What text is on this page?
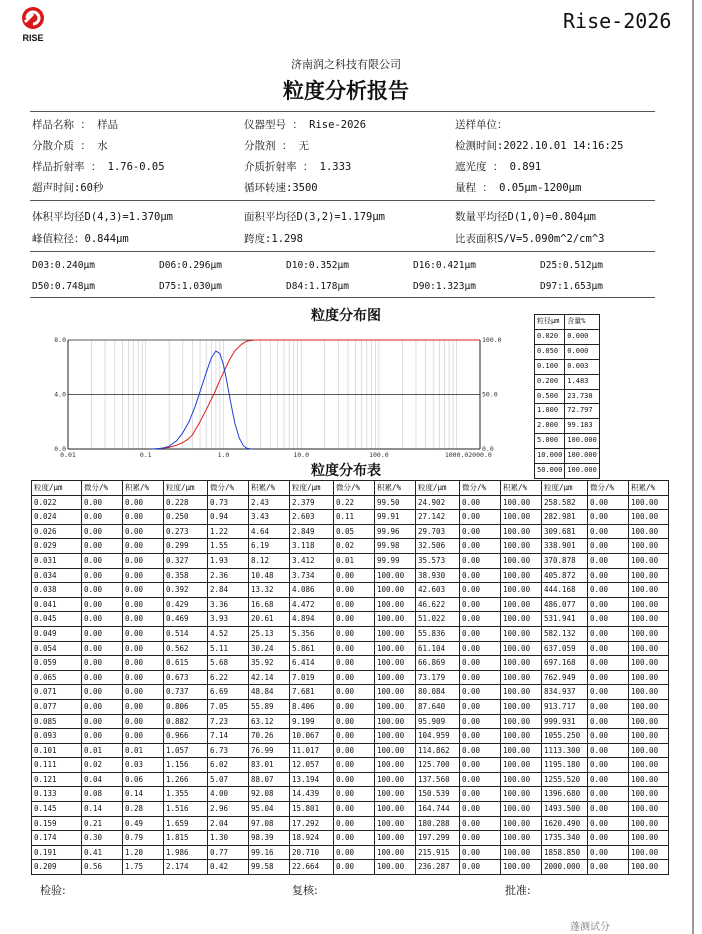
RISE
Rise-2026
济南润之科技有限公司
粒度分析报告
样品名称 ： 样品	仪器型号 ： Rise-2026	送样单位：
分散介质 ： 水	分散剂 ： 无	检测时间:2022.10.01 14:16:25
样品折射率 ： 1.76-0.05	介质折射率 ： 1.333	遮光度 ： 0.891
超声时间:60秒	循环转速:3500	量程 ： 0.05μm-1200μm
体积平均径D(4,3)=1.370μm	面积平均径D(3,2)=1.179μm	数量平均径D(1,0)=0.804μm
峰值粒径：0.844μm	跨度:1.298	比表面积S/V=5.090m^2/cm^3
D03:0.240μm	D06:0.296μm	D10:0.352μm	D16:0.421μm	D25:0.512μm
D50:0.748μm	D75:1.030μm	D84:1.178μm	D90:1.323μm	D97:1.653μm
粒度分布图
0.01	0.1	1.0	10.0	100.0	1000.0 2000.0
0.0
4.0
8.0
0.0
50.0
100.0
粒径μm	含量%
0.020	0.000
0.050	0.000
0.100	0.003
0.200	1.483
0.500	23.730
1.000	72.797
2.000	99.183
5.000	100.000
10.000	100.000
50.000	100.000
粒度分布表
粒度/μm	微分/%	积累/%	粒度/μm	微分/%	积累/%	粒度/μm	微分/%	积累/%	粒度/μm	微分/%	积累/%	粒度/μm	微分/%	积累/%
0.022	0.00	0.00	0.228	0.73	2.43	2.379	0.22	99.50	24.902	0.00	100.00	258.582	0.00	100.00
0.024	0.00	0.00	0.250	0.94	3.43	2.603	0.11	99.91	27.142	0.00	100.00	282.981	0.00	100.00
0.026	0.00	0.00	0.273	1.22	4.64	2.849	0.05	99.96	29.703	0.00	100.00	309.681	0.00	100.00
0.029	0.00	0.00	0.299	1.55	6.19	3.118	0.02	99.98	32.506	0.00	100.00	338.901	0.00	100.00
0.031	0.00	0.00	0.327	1.93	8.12	3.412	0.01	99.99	35.573	0.00	100.00	370.878	0.00	100.00
0.034	0.00	0.00	0.358	2.36	10.48	3.734	0.00	100.00	38.930	0.00	100.00	405.872	0.00	100.00
0.038	0.00	0.00	0.392	2.84	13.32	4.086	0.00	100.00	42.603	0.00	100.00	444.168	0.00	100.00
0.041	0.00	0.00	0.429	3.36	16.68	4.472	0.00	100.00	46.622	0.00	100.00	486.077	0.00	100.00
0.045	0.00	0.00	0.469	3.93	20.61	4.894	0.00	100.00	51.022	0.00	100.00	531.941	0.00	100.00
0.049	0.00	0.00	0.514	4.52	25.13	5.356	0.00	100.00	55.836	0.00	100.00	582.132	0.00	100.00
0.054	0.00	0.00	0.562	5.11	30.24	5.861	0.00	100.00	61.104	0.00	100.00	637.059	0.00	100.00
0.059	0.00	0.00	0.615	5.68	35.92	6.414	0.00	100.00	66.869	0.00	100.00	697.168	0.00	100.00
0.065	0.00	0.00	0.673	6.22	42.14	7.019	0.00	100.00	73.179	0.00	100.00	762.949	0.00	100.00
0.071	0.00	0.00	0.737	6.69	48.84	7.681	0.00	100.00	80.084	0.00	100.00	834.937	0.00	100.00
0.077	0.00	0.00	0.806	7.05	55.89	8.406	0.00	100.00	87.640	0.00	100.00	913.717	0.00	100.00
0.085	0.00	0.00	0.882	7.23	63.12	9.199	0.00	100.00	95.909	0.00	100.00	999.931	0.00	100.00
0.093	0.00	0.00	0.966	7.14	70.26	10.067	0.00	100.00	104.959	0.00	100.00	1055.250	0.00	100.00
0.101	0.01	0.01	1.057	6.73	76.99	11.017	0.00	100.00	114.862	0.00	100.00	1113.300	0.00	100.00
0.111	0.02	0.03	1.156	6.02	83.01	12.057	0.00	100.00	125.700	0.00	100.00	1195.180	0.00	100.00
0.121	0.04	0.06	1.266	5.07	88.07	13.194	0.00	100.00	137.560	0.00	100.00	1255.520	0.00	100.00
0.133	0.08	0.14	1.355	4.00	92.08	14.439	0.00	100.00	150.539	0.00	100.00	1396.680	0.00	100.00
0.145	0.14	0.28	1.516	2.96	95.04	15.801	0.00	100.00	164.744	0.00	100.00	1493.500	0.00	100.00
0.159	0.21	0.49	1.659	2.04	97.08	17.292	0.00	100.00	180.288	0.00	100.00	1620.490	0.00	100.00
0.174	0.30	0.79	1.815	1.30	98.39	18.924	0.00	100.00	197.299	0.00	100.00	1735.340	0.00	100.00
0.191	0.41	1.20	1.986	0.77	99.16	20.710	0.00	100.00	215.915	0.00	100.00	1858.850	0.00	100.00
0.209	0.56	1.75	2.174	0.42	99.58	22.664	0.00	100.00	236.287	0.00	100.00	2000.000	0.00	100.00
检验:	复核:	批准:
蓬测试分
